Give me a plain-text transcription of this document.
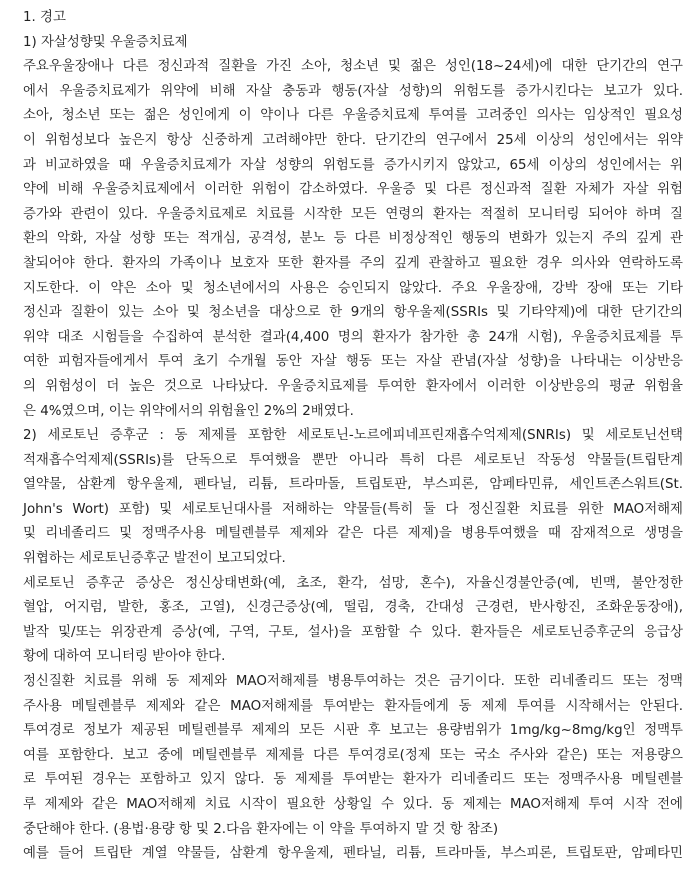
1. 경고
1) 자살성향및 우울증치료제
주요우울장애나 다른 정신과적 질환을 가진 소아, 청소년 및 젊은 성인(18~24세)에 대한 단기간의 연구
에서 우울증치료제가 위약에 비해 자살 충동과 행동(자살 성향)의 위험도를 증가시킨다는 보고가 있다.
소아, 청소년 또는 젊은 성인에게 이 약이나 다른 우울증치료제 투여를 고려중인 의사는 임상적인 필요성
이 위험성보다 높은지 항상 신중하게 고려해야만 한다. 단기간의 연구에서 25세 이상의 성인에서는 위약
과 비교하였을 때 우울증치료제가 자살 성향의 위험도를 증가시키지 않았고, 65세 이상의 성인에서는 위
약에 비해 우울증치료제에서 이러한 위험이 감소하였다. 우울증 및 다른 정신과적 질환 자체가 자살 위험
증가와 관련이 있다. 우울증치료제로 치료를 시작한 모든 연령의 환자는 적절히 모니터링 되어야 하며 질
환의 악화, 자살 성향 또는 적개심, 공격성, 분노 등 다른 비정상적인 행동의 변화가 있는지 주의 깊게 관
찰되어야 한다. 환자의 가족이나 보호자 또한 환자를 주의 깊게 관찰하고 필요한 경우 의사와 연락하도록
지도한다. 이 약은 소아 및 청소년에서의 사용은 승인되지 않았다. 주요 우울장애, 강박 장애 또는 기타
정신과 질환이 있는 소아 및 청소년을 대상으로 한 9개의 항우울제(SSRIs 및 기타약제)에 대한 단기간의
위약 대조 시험들을 수집하여 분석한 결과(4,400 명의 환자가 참가한 총 24개 시험), 우울증치료제를 투
여한 피험자들에게서 투여 초기 수개월 동안 자살 행동 또는 자살 관념(자살 성향)을 나타내는 이상반응
의 위험성이 더 높은 것으로 나타났다. 우울증치료제를 투여한 환자에서 이러한 이상반응의 평균 위험율
은 4%였으며, 이는 위약에서의 위험율인 2%의 2배였다.
2) 세로토닌 증후군 : 동 제제를 포함한 세로토닌-노르에피네프린재흡수억제제(SNRIs) 및 세로토닌선택
적재흡수억제제(SSRIs)를 단독으로 투여했을 뿐만 아니라 특히 다른 세로토닌 작동성 약물들(트립탄계
열약물, 삼환계 항우울제, 펜타닐, 리튬, 트라마돌, 트립토판, 부스피론, 암페타민류, 세인트존스워트(St.
John's Wort) 포함) 및 세로토닌대사를 저해하는 약물들(특히 둘 다 정신질환 치료를 위한 MAO저해제
및 리네졸리드 및 정맥주사용 메틸렌블루 제제와 같은 다른 제제)을 병용투여했을 때 잠재적으로 생명을
위협하는 세로토닌증후군 발전이 보고되었다.
세로토닌 증후군 증상은 정신상태변화(예, 초조, 환각, 섬망, 혼수), 자율신경불안증(예, 빈맥, 불안정한
혈압, 어지럼, 발한, 홍조, 고열), 신경근증상(예, 떨림, 경축, 간대성 근경련, 반사항진, 조화운동장애),
발작 및/또는 위장관계 증상(예, 구역, 구토, 설사)을 포함할 수 있다. 환자들은 세로토닌증후군의 응급상
황에 대하여 모니터링 받아야 한다.
정신질환 치료를 위해 동 제제와 MAO저해제를 병용투여하는 것은 금기이다. 또한 리네졸리드 또는 정맥
주사용 메틸렌블루 제제와 같은 MAO저해제를 투여받는 환자들에게 동 제제 투여를 시작해서는 안된다.
투여경로 정보가 제공된 메틸렌블루 제제의 모든 시판 후 보고는 용량범위가 1mg/kg~8mg/kg인 정맥투
여를 포함한다. 보고 중에 메틸렌블루 제제를 다른 투여경로(정제 또는 국소 주사와 같은) 또는 저용량으
로 투여된 경우는 포함하고 있지 않다. 동 제제를 투여받는 환자가 리네졸리드 또는 정맥주사용 메틸렌블
루 제제와 같은 MAO저해제 치료 시작이 필요한 상황일 수 있다. 동 제제는 MAO저해제 투여 시작 전에
중단해야 한다. (용법·용량 항 및 2.다음 환자에는 이 약을 투여하지 말 것 항 참조)
예를 들어 트립탄 계열 약물들, 삼환계 항우울제, 펜타닐, 리튬, 트라마돌, 부스피론, 트립토판, 암페타민
